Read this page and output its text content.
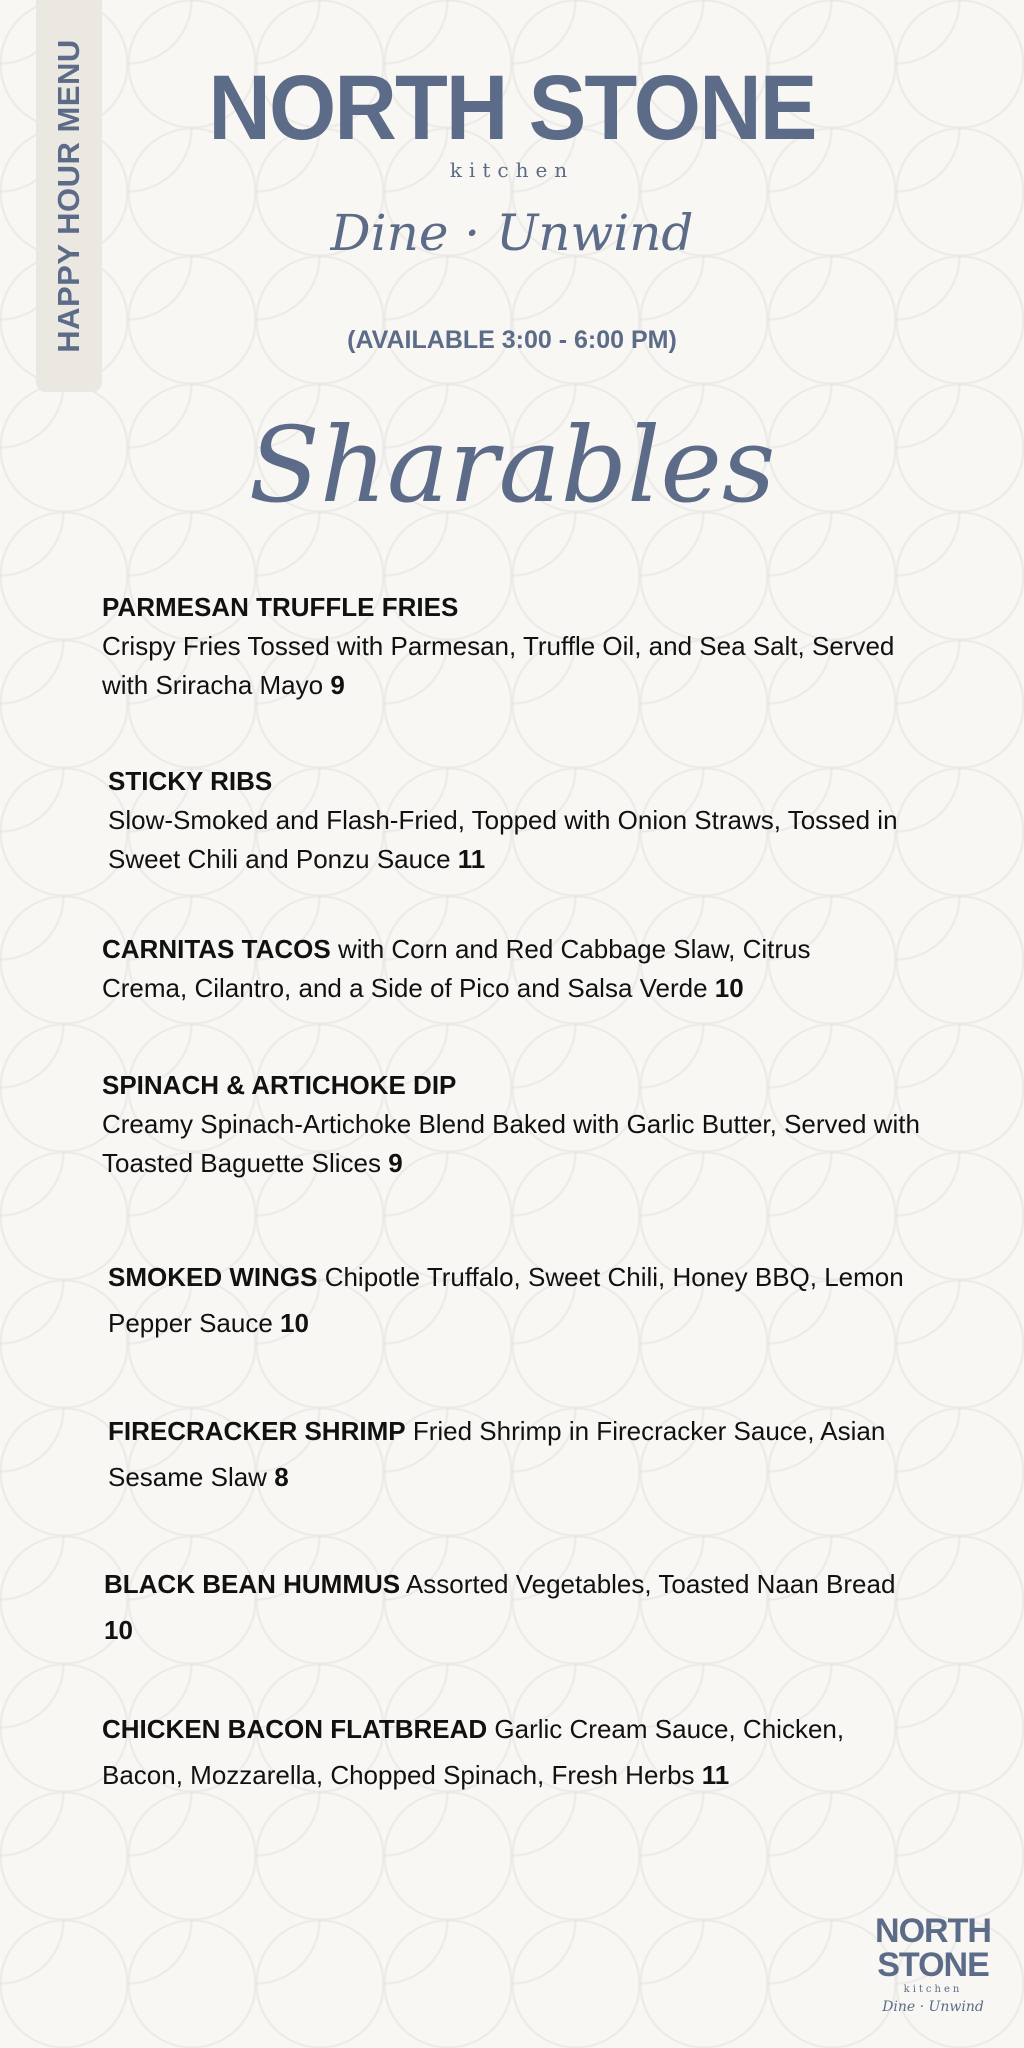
HAPPY HOUR MENU	NORTH STONE
kitchen
Dine · Unwind
(AVAILABLE 3:00 - 6:00 PM)
Sharables
PARMESAN TRUFFLE FRIES
Crispy Fries Tossed with Parmesan, Truffle Oil, and Sea Salt, Served with Sriracha Mayo 9
STICKY RIBS
Slow-Smoked and Flash-Fried, Topped with Onion Straws, Tossed in Sweet Chili and Ponzu Sauce 11
CARNITAS TACOS with Corn and Red Cabbage Slaw, Citrus Crema, Cilantro, and a Side of Pico and Salsa Verde 10
SPINACH & ARTICHOKE DIP
Creamy Spinach-Artichoke Blend Baked with Garlic Butter, Served with Toasted Baguette Slices 9
SMOKED WINGS Chipotle Truffalo, Sweet Chili, Honey BBQ, Lemon Pepper Sauce 10
FIRECRACKER SHRIMP Fried Shrimp in Firecracker Sauce, Asian Sesame Slaw 8
BLACK BEAN HUMMUS Assorted Vegetables, Toasted Naan Bread 10
CHICKEN BACON FLATBREAD Garlic Cream Sauce, Chicken, Bacon, Mozzarella, Chopped Spinach, Fresh Herbs 11
NORTH
STONE
kitchen
Dine · Unwind
